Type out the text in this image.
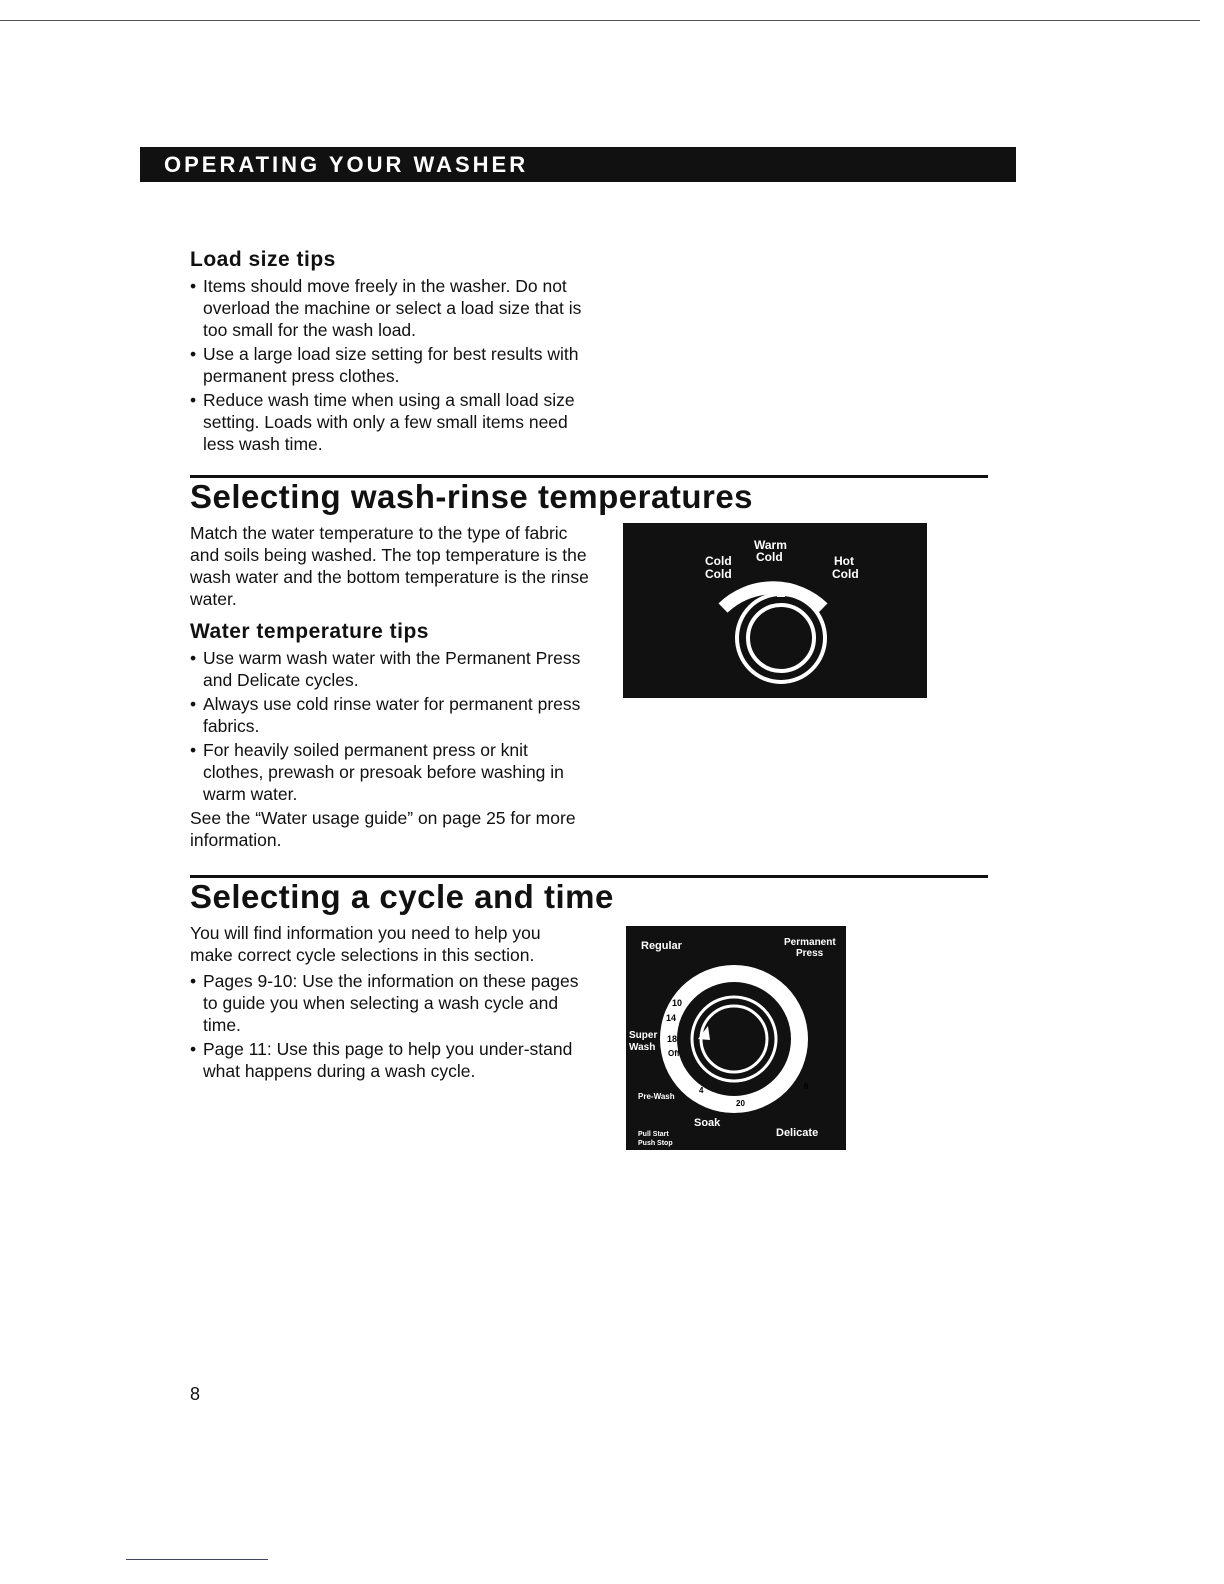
OPERATING YOUR WASHER
Load size tips
• Items should move freely in the washer. Do not overload the machine or select a load size that is too small for the wash load.
• Use a large load size setting for best results with permanent press clothes.
• Reduce wash time when using a small load size setting. Loads with only a few small items need less wash time.
Selecting wash-rinse temperatures
Match the water temperature to the type of fabric and soils being washed. The top temperature is the wash water and the bottom temperature is the rinse water.
Water temperature tips
• Use warm wash water with the Permanent Press and Delicate cycles.
• Always use cold rinse water for permanent press fabrics.
• For heavily soiled permanent press or knit clothes, prewash or presoak before washing in warm water.
See the “Water usage guide” on page 25 for more information.
Cold
Cold
Warm
Cold	Hot
Cold
Selecting a cycle and time
You will find information you need to help you make correct cycle selections in this section.
• Pages 9-10: Use the information on these pages to guide you when selecting a wash cycle and time.
• Page 11: Use this page to help you under-stand what happens during a wash cycle.
Regular	Permanent
Press
Super
Wash
Pre-Wash
Soak
Delicate
Pull Start
Push Stop
10
14
18
Off
4
20
6
8
